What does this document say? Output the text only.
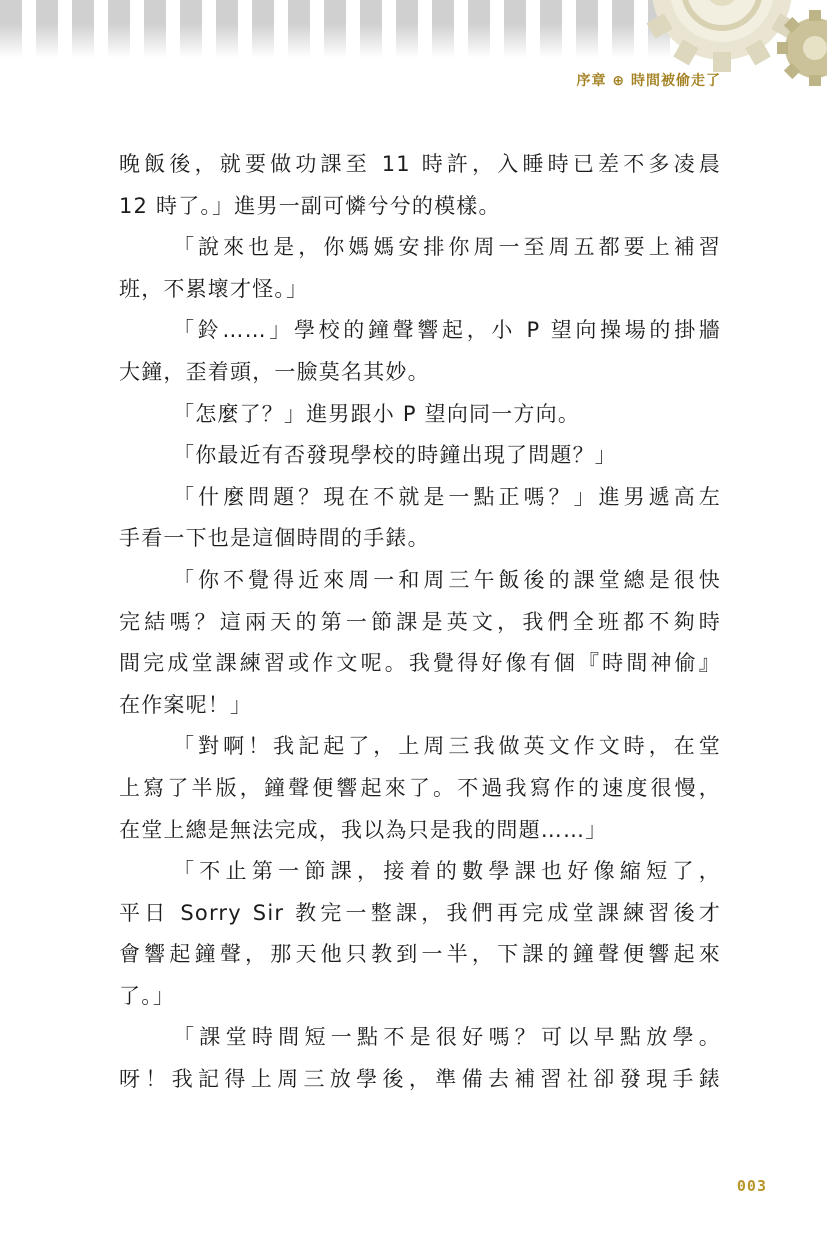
序章 ⊕ 時間被偷走了
晚飯後，就要做功課至 11 時許，入睡時已差不多凌晨
12 時了。」進男一副可憐兮兮的模樣。
「說來也是，你媽媽安排你周一至周五都要上補習
班，不累壞才怪。」
「鈴……」學校的鐘聲響起，小 P 望向操場的掛牆
大鐘，歪着頭，一臉莫名其妙。
「怎麼了？」進男跟小 P 望向同一方向。
「你最近有否發現學校的時鐘出現了問題？」
「什麼問題？現在不就是一點正嗎？」進男遞高左
手看一下也是這個時間的手錶。
「你不覺得近來周一和周三午飯後的課堂總是很快
完結嗎？這兩天的第一節課是英文，我們全班都不夠時
間完成堂課練習或作文呢。我覺得好像有個『時間神偷』
在作案呢！」
「對啊！我記起了，上周三我做英文作文時，在堂
上寫了半版，鐘聲便響起來了。不過我寫作的速度很慢，
在堂上總是無法完成，我以為只是我的問題……」
「不止第一節課，接着的數學課也好像縮短了，
平日 Sorry Sir 教完一整課，我們再完成堂課練習後才
會響起鐘聲，那天他只教到一半，下課的鐘聲便響起來
了。」
「課堂時間短一點不是很好嗎？可以早點放學。
呀！我記得上周三放學後，準備去補習社卻發現手錶
003
